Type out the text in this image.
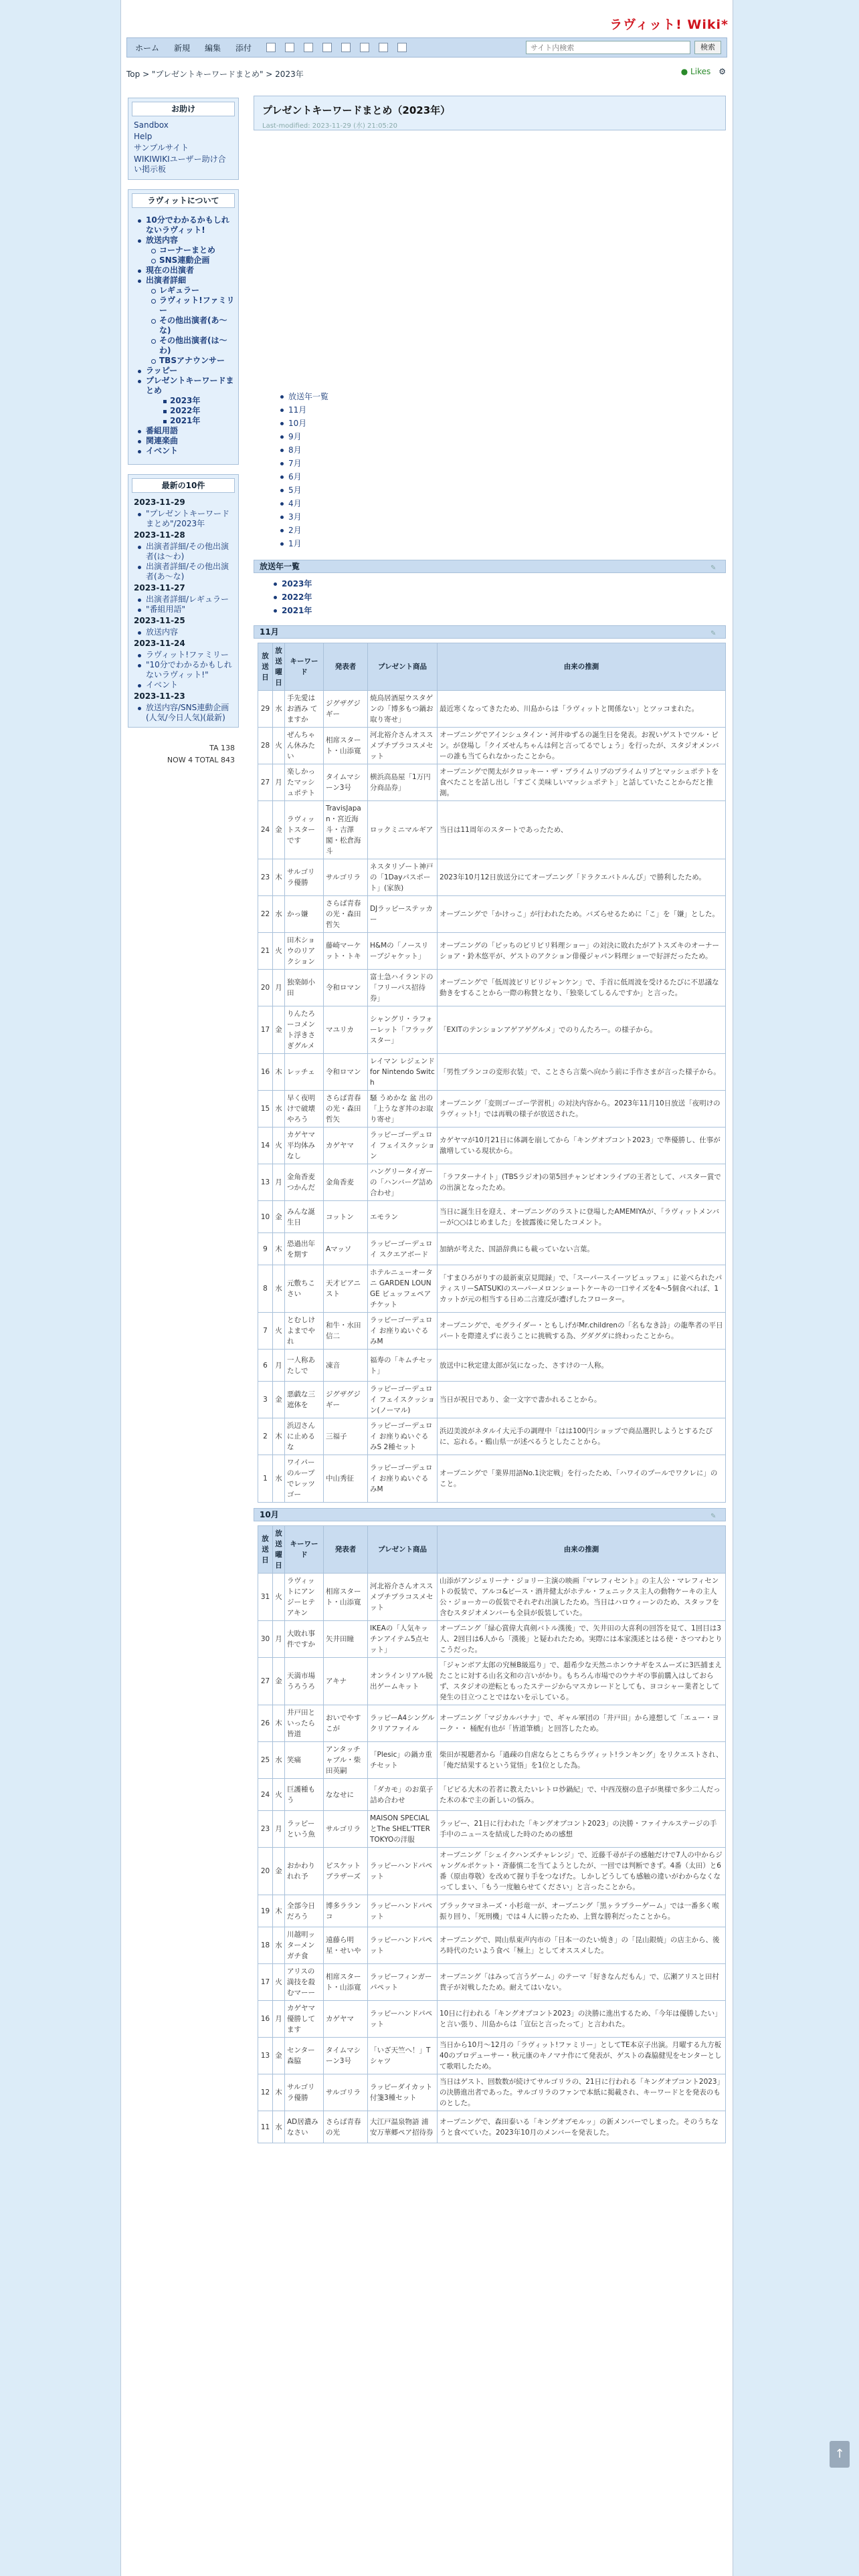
ラヴィット! Wiki*
ホーム 新規 編集 添付
サイト内検索	検索
Top > "プレゼントキーワードまとめ" > 2023年	● Likes ⚙
お助け
Sandbox
Help
サンプルサイト
WIKIWIKIユーザー助け合い掲示板
ラヴィットについて
10分でわかるかもしれないラヴィット!
放送内容
コーナーまとめ
SNS連動企画
現在の出演者
出演者詳細
レギュラー
ラヴィット!ファミリー
その他出演者(あ〜な)
その他出演者(は〜わ)
TBSアナウンサー
ラッピー
プレゼントキーワードまとめ
2023年
2022年
2021年
番組用語
関連楽曲
イベント
最新の10件
2023-11-29
"プレゼントキーワードまとめ"/2023年
2023-11-28
出演者詳細/その他出演者(は〜わ)
出演者詳細/その他出演者(あ〜な)
2023-11-27
出演者詳細/レギュラー
"番組用語"
2023-11-25
放送内容
2023-11-24
ラヴィット!ファミリー
"10分でわかるかもしれないラヴィット!"
イベント
2023-11-23
放送内容/SNS連動企画(人気/今日人気)(最新)
TA 138
NOW 4 TOTAL 843
プレゼントキーワードまとめ（2023年）
Last-modified: 2023-11-29 (水) 21:05:20
放送年一覧
11月
10月
9月
8月
7月
6月
5月
4月
3月
2月
1月
放送年一覧	✎
2023年
2022年
2021年
11月	✎
放送日	放送曜日	キーワード	発表者	プレゼント商品	由来の推測
29	水	手先愛は お酒み てますか	ジグザグジギー	焼鳥居酒屋ウスタゲンの「博多もつ鍋お取り寄せ」	最近寒くなってきたため、川島からは「ラヴィットと関係ない」とツッコまれた。
28	火	ぜんちゃん休みたい	相席スタート・山添寛	河北裕介さんオススメプチプラコスメセット	オープニングでアインシュタイン・河井ゆずるの誕生日を発表。お祝いゲストでツル・ピン。が登場し「クイズせんちゃんは何と言ってるでしょう」を行ったが、スタジオメンバーの誰も当てられなかったことから。
27	月	楽しかったマッシュポテト	タイムマシーン3号	横浜高島屋「1万円分商品券」	オープニングで関太がクロッキー・ザ・プライムリブのプライムリブとマッシュポテトを食べたことを話し出し「すごく美味しいマッシュポテト」と話していたことからだと推測。
24	金	ラヴィットスターです	TravisJapan・宮近海斗・吉澤閣・松倉海斗	ロックミニマルギア	当日は11周年のスタートであったため、
23	木	サルゴリラ優勝	サルゴリラ	ネスタリゾート神戸の「1Dayパスポート」(家族)	2023年10月12日放送分にてオープニング「ドラクエバトルんぴ」で勝利したため。
22	水	かっ嫌	さらば青春の光・森田哲矢	DJラッピーステッカー	オープニングで「かけっこ」が行われたため。バズらせるために「こ」を「嫌」とした。
21	火	田木ショウのリアクション	藤崎マーケット・トキ	H&Mの「ノースリーブジャケット」	オープニングの「ピッちのビリビリ料理ショー」の対決に敗れたがアトスズキのオーナーショア・鈴木悠平が、ゲストのアクション俳優ジャパン料理ショーで好評だったため。
20	月	独楽師小田	令和ロマン	富士急ハイランドの「フリーパス招待券」	オープニングで「低周波ビリビリジャンケン」で、手首に低周波を受けるたびに不思議な動きをすることから一際の称賛となり、「独楽してしるんですか」と言った。
17	金	りんたろーコメント浮きさぎグルメ	マユリカ	シャングリ・ラフォーレット「フラッグスター」	「EXITのテンションアゲアゲグルメ」でのりんたろー。の様子から。
16	木	レッチェ	令和ロマン	レイマン レジェンド for Nintendo Switch	「男性ブランコの変形衣装」で、ことさら言葉へ向かう前に手作さまが言った様子から。
15	水	早く夜明けで破壊やろう	さらば青春の光・森田哲矢	騒 うめかな 盆 出の「上うなぎ丼のお取り寄せ」	オープニング「変則ゴーゴー学習机」の対決内容から。2023年11月10日放送「夜明けのラヴィット!」では再戦の様子が放送された。
14	火	カゲヤマ平均体みなし	カゲヤマ	ラッピーゴーデュロイ フェイスクッション	カゲヤマが10月21日に体調を崩してから「キングオブコント2023」で準優勝し、仕事が激増している現状から。
13	月	金角香麦つかんだ	金角香麦	ハングリータイガーの「ハンバーグ詰め合わせ」	「ラフターナイト」(TBSラジオ)の第5回チャンピオンライブの王者として、バスター賞での出演となったため。
10	金	みんな誕生日	コットン	エモラン	当日に誕生日を迎え、オープニングのラストに登場したAMEMIYAが、「ラヴィットメンバーが○○はじめました」を披露後に発したコメント。
9	木	恐過出年を期す	Aマッソ	ラッピーゴーデュロイ スクエアボード	加納が考えた、国語辞典にも載っていない言葉。
8	水	元敷ちこさい	天才ピアニスト	ホテルニューオータニ GARDEN LOUNGE ビュッフェペアチケット	「すまひろがりすの最新東京見聞録」で、「スーパースイーツビュッフェ」に並べられたパティスリーSATSUKIのスーパーメロンショートケーキの一口サイズを4〜5個食べれば、1カットが元の相当する日め二言違反が遭げしたフローター。
7	火	とむしけよまでやれ	和牛・水田信二	ラッピーゴーデュロイ お座りぬいぐるみM	オープニングで、モグライダー・ともしげがMr.childrenの「名もなき詩」の龍準者の平日パートを際違えずに表うことに挑戦する為、グダグダに終わったことから。
6	月	一人称あたしで	凍音	福寿の「キムチセット」	放送中に秋定建太郎が気になった、さすけの一人称。
3	金	悪戯な三遮体を	ジグザグジギー	ラッピーゴーデュロイ フェイスクッション(ノーマル)	当日が祝日であり、金一文字で書かれることから。
2	木	浜辺さんに止めるな	三福子	ラッピーゴーデュロイ お座りぬいぐるみS 2種セット	浜辺美波がネタルイ大元手の調理中「はは100円ショップで商品選択しようとするたびに、忘れる。・鶴山県一が述べるうとしたことから。
1	水	ワイパーのループでレッツゴー	中山秀征	ラッピーゴーデュロイ お座りぬいぐるみM	オープニングで「業界用語No.1決定戦」を行ったため、「ハワイのプールでワクレに」のこと。
10月	✎
放送日	放送曜日	キーワード	発表者	プレゼント商品	由来の推測
31	火	ラヴィットにアンジーヒテアキン	相席スタート・山添寛	河北裕介さんオススメプチプラコスメセット	山添がアンジェリーナ・ジョリー主演の映画『マレフィセント』の主人公・マレフィセントの仮装で、アルコ&ピース・酒井健太がホテル・フェニックス主人の動物ケーキの主人公・ジョーカーの仮装でそれぞれ出演したため。当日はハロウィーンのため、スタッフを含むスタジオメンバーも全員が仮装していた。
30	月	大敗れ事件ですか	矢井田瞳	IKEAの「人気キッチンアイテム5点セット」	オープニング「緑心賞偉大真剣バトル漢後」で、矢井田の大喜利の回答を見て、1回目は3人、2回目は6人から「漢後」と疑われたため。実際には本家漢述とはる使・さつマわとりこうだった。
27	金	天満市場うろうろ	アキナ	オンラインリアル脱出ゲームキット	「ジャンボア太郎の究極B級巡り」で、超希少な天然ニホンウナギをスムーズに3匹捕まえたことに対する山名文和の言いがかり。もちろん市場でのウナギの事前購入はしておらず、スタジオの逆転ともったステージからマスカレードとしても、ヨコシャー業者として発生の目立つことではないを示している。
26	木	井戸田といったら皆道	おいでやすこが	ラッピーA4シングルクリアファイル	オープニング「マジカルバナナ」で、ギャル軍団の「井戸田」から連想して「エュー・ヨーク・・ 桶配有也が「皆道筆橋」と回答したため。
25	水	笑痛	アンタッチャブル・柴田英嗣	「Plesic」の鍋カ重チセット	柴田が視聴者から「過疎の自虐ならとこちらラヴィット!ランキング」をリクエストされ、「俺だ結果するという覚悟」を1位とした為。
24	火	巨護種もう	ななせに	「ダカモ」のお菓子詰め合わせ	「ピピる大木の若者に教えたいレトロ炒鍋紀」で、中西茂樹の息子が奥様で多少二人だった木の本で主の新しいの悩み。
23	月	ラッピーという魚	サルゴリラ	MAISON SPECIAL とThe SHEL'TTER TOKYOの洋服	ラッピー、21日に行われた「キングオブコント2023」の決勝・ファイナルステージの手手中のニュースを結成した時のための感想
20	金	おかわりれれ予	ピスケットブラザーズ	ラッピーハンドパペット	オープニング「シェイクハンズチャレンジ」で、近藤千尋が子の感触だけで7人の中からジャングルポケット・斉藤慎二を当てようとしたが、一回では判断できず。4番（太田）と6番（原由尊敬）を改めて握り手をつなげた。しかしどうしても感触の違いがわからなくなってしまい、「もう一度触らせてください」と言ったことから。
19	木	全部今日だろう	博多ラランコ	ラッピーハンドパペット	ブラックマヨネーズ・小杉竜一が、オープニング「黒ヶラプラーゲーム」では一番多く喉振り回り、「死刑機」では４人に勝ったため、上質な勝利だったことから。
18	水	川越明ッターメンガチ食	遠藤ら明星・せいや	ラッピーハンドパペット	オープニングで、岡山県東声内市の「日本一のたい焼き」の「昆山銀焼」の店主から、後ろ時代のたいよう食べ「極上」としてオススメした。
17	火	アリスの満技を殺むマーー	相席スタート・山添寛	ラッピーフィンガーパペット	オープニング「はみって言うゲーム」のテーマ「好きなんだもん」で、広瀬アリスと田村貴子が対戦したため。耐えてはいない。
16	月	カゲヤマ優勝してます	カゲヤマ	ラッピーハンドパペット	10日に行われる「キングオブコント2023」の決勝に進出するため、「今年は優勝したい」と言い張り、川島からは「宣伝と言ったって」と言われた。
13	金	センター森脇	タイムマシーン3号	「いざ天竺へ！」Tシャツ	当日から10月～12月の「ラヴィット!ファミリー」としてTE本京子出演。月曜する九方板40のプロデューサー・秋元康のキノマナ作にて発表が、ゲストの森脇健児をセンターとして歌唱したため。
12	木	サルゴリラ優勝	サルゴリラ	ラッピーダイカット付箋3種セット	当日はゲスト、回数数が続けてサルゴリラの、21日に行われる「キングオブコント2023」の決勝進出者であった。サルゴリラのファンで本紙に掲載され、キーワードとを発表のものとした。
11	水	AD居濃みなさい	さらば青春の光	大江戸温泉物語 浦安万華郷ペア招待券	オープニングで、森田泰いる「キングオブモルッ」の新メンバーでしまった。そのうちなうと食べていた。2023年10月のメンバーを発表した。
↑
